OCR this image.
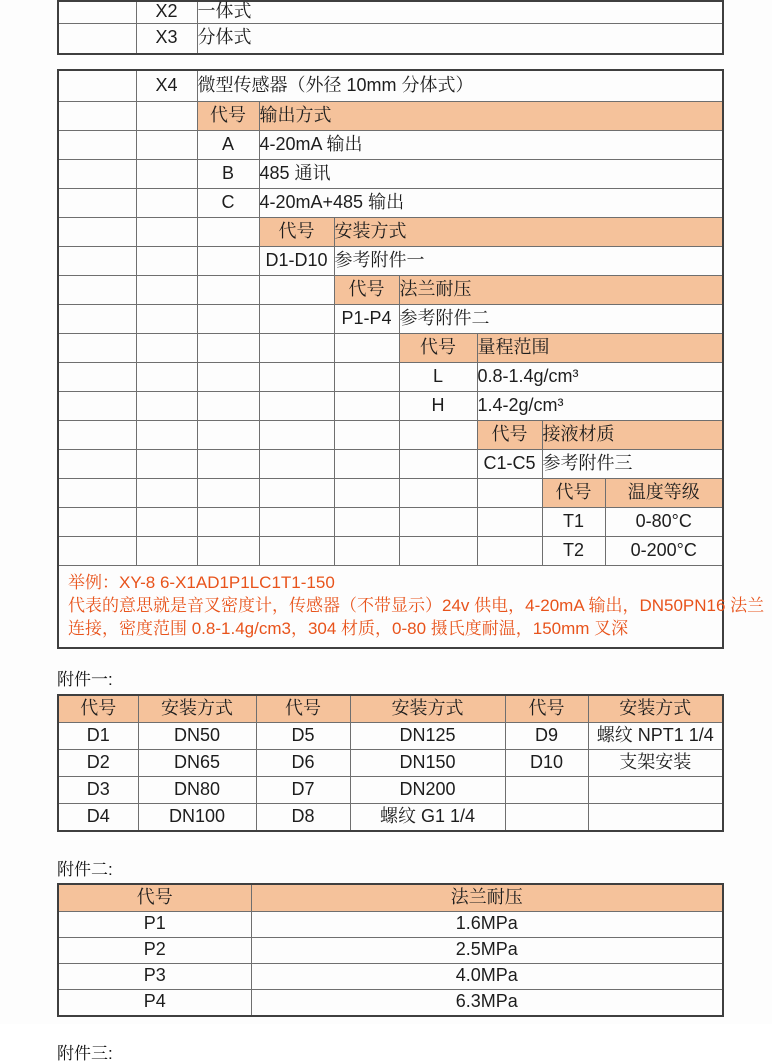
	X2	一体式
	X3	分体式
	X4	微型传感器（外径 10mm 分体式）						
		代号	输出方式					
		A	4-20mA 输出					
		B	485 通讯					
		C	4-20mA+485 输出					
			代号	安装方式				
			D1-D10	参考附件一				
				代号	法兰耐压			
				P1-P4	参考附件二			
					代号	量程范围		
					L	0.8-1.4g/cm³		
					H	1.4-2g/cm³		
						代号	接液材质	
						C1-C5	参考附件三	
							代号	温度等级
							T1	0-80°C
							T2	0-200°C

举例：XY-8 6-X1AD1P1LC1T1-150
代表的意思就是音叉密度计，传感器（不带显示）24v 供电，4-20mA 输出，DN50PN16 法兰
连接，密度范围 0.8-1.4g/cm3，304 材质，0-80 摄氏度耐温，150mm 叉深								
附件一:
代号	安装方式	代号	安装方式	代号	安装方式
D1	DN50	D5	DN125	D9	螺纹 NPT1 1/4
D2	DN65	D6	DN150	D10	支架安装
D3	DN80	D7	DN200		
D4	DN100	D8	螺纹 G1 1/4		
附件二:
代号	法兰耐压
P1	1.6MPa
P2	2.5MPa
P3	4.0MPa
P4	6.3MPa
附件三:
